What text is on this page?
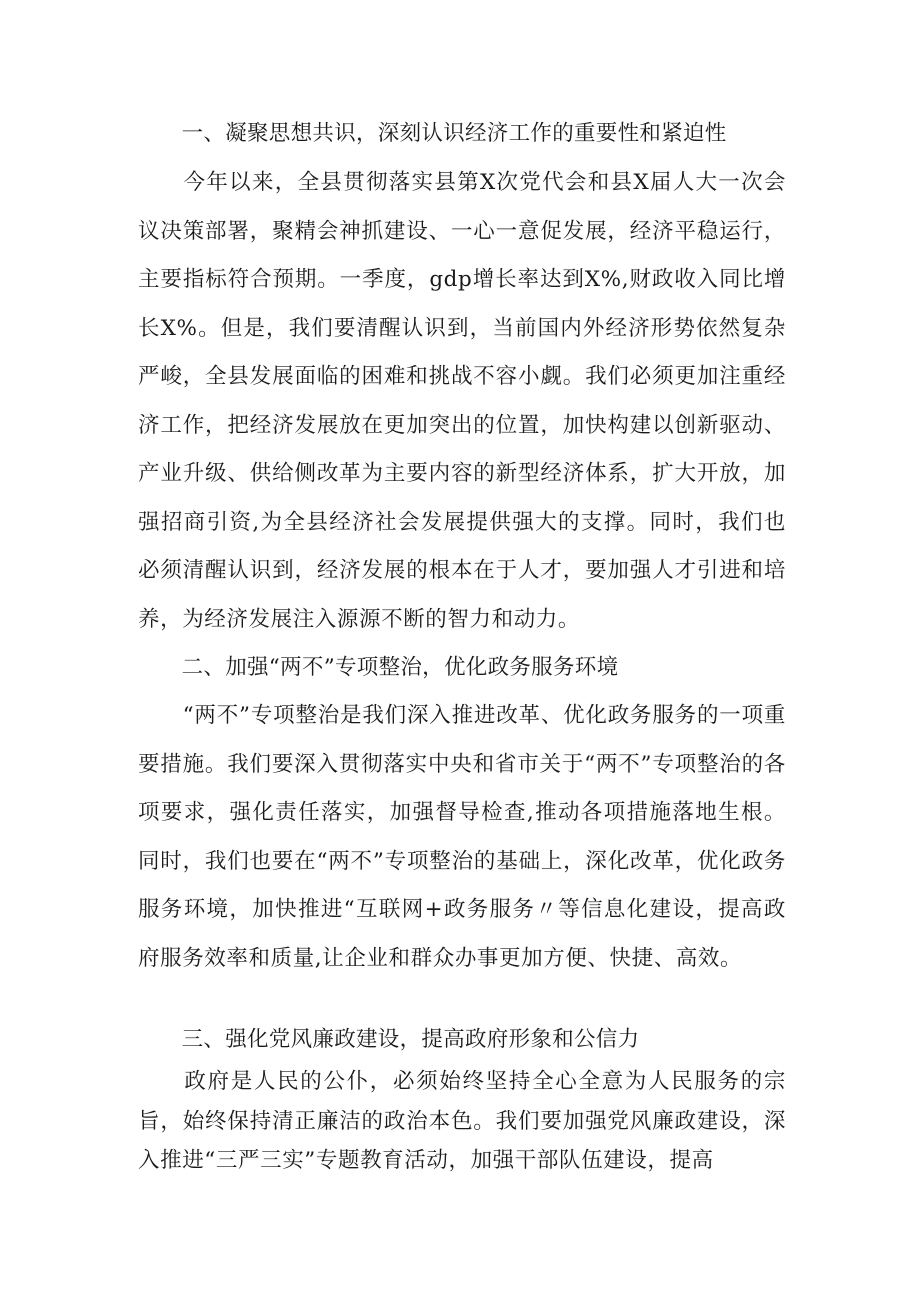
　　一、凝聚思想共识，深刻认识经济工作的重要性和紧迫性

　　今年以来，全县贯彻落实县第X次党代会和县X届人大一次会议决策部署，聚精会神抓建设、一心一意促发展，经济平稳运行，主要指标符合预期。一季度，gdp增长率达到X%,财政收入同比增长X%。但是，我们要清醒认识到，当前国内外经济形势依然复杂严峻，全县发展面临的困难和挑战不容小觑。我们必须更加注重经济工作，把经济发展放在更加突出的位置，加快构建以创新驱动、产业升级、供给侧改革为主要内容的新型经济体系，扩大开放，加强招商引资,为全县经济社会发展提供强大的支撑。同时，我们也必须清醒认识到，经济发展的根本在于人才，要加强人才引进和培养，为经济发展注入源源不断的智力和动力。

　　二、加强“两不”专项整治，优化政务服务环境

　　“两不”专项整治是我们深入推进改革、优化政务服务的一项重要措施。我们要深入贯彻落实中央和省市关于“两不”专项整治的各项要求，强化责任落实，加强督导检查,推动各项措施落地生根。同时，我们也要在“两不”专项整治的基础上，深化改革，优化政务服务环境，加快推进“互联网+政务服务〃等信息化建设，提高政府服务效率和质量,让企业和群众办事更加方便、快捷、高效。

　　三、强化党风廉政建设，提高政府形象和公信力

　　政府是人民的公仆，必须始终坚持全心全意为人民服务的宗旨，始终保持清正廉洁的政治本色。我们要加强党风廉政建设，深入推进“三严三实”专题教育活动，加强干部队伍建设，提高
